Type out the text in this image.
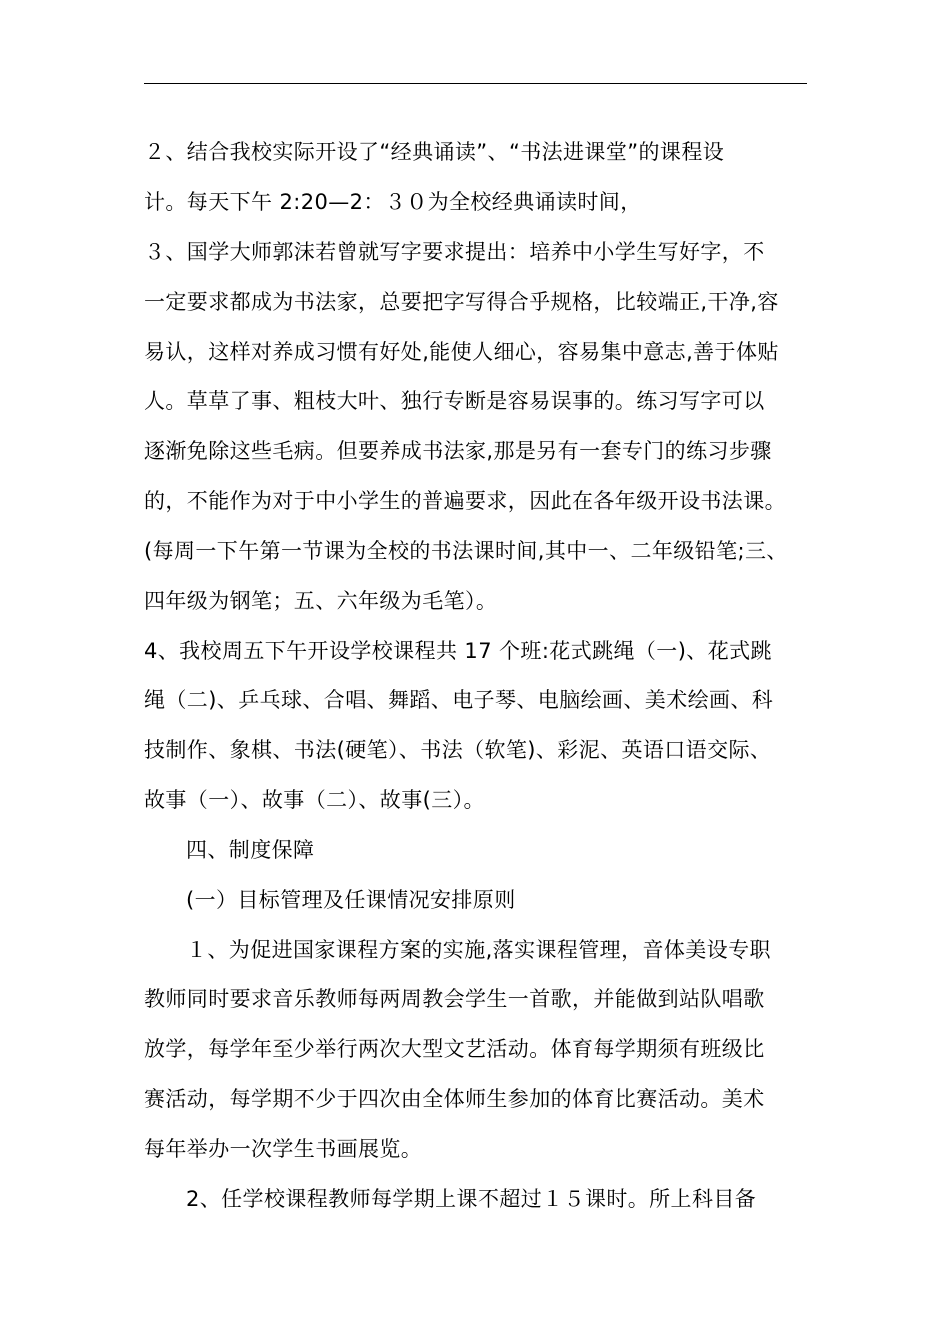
２、结合我校实际开设了“经典诵读”、“书法进课堂”的课程设
计。每天下午 2:20—2：３０为全校经典诵读时间，
３、国学大师郭沫若曾就写字要求提出：培养中小学生写好字，不
一定要求都成为书法家，总要把字写得合乎规格，比较端正,干净,容
易认，这样对养成习惯有好处,能使人细心，容易集中意志,善于体贴
人。草草了事、粗枝大叶、独行专断是容易误事的。练习写字可以
逐渐免除这些毛病。但要养成书法家,那是另有一套专门的练习步骤
的，不能作为对于中小学生的普遍要求，因此在各年级开设书法课。
(每周一下午第一节课为全校的书法课时间,其中一、二年级铅笔;三、
四年级为钢笔；五、六年级为毛笔）。
4、我校周五下午开设学校课程共 17 个班:花式跳绳（一)、花式跳
绳（二)、乒乓球、合唱、舞蹈、电子琴、电脑绘画、美术绘画、科
技制作、象棋、书法(硬笔）、书法（软笔)、彩泥、英语口语交际、
故事（一）、故事（二）、故事(三）。
四、制度保障
(一）目标管理及任课情况安排原则
１、为促进国家课程方案的实施,落实课程管理，音体美设专职
教师同时要求音乐教师每两周教会学生一首歌，并能做到站队唱歌
放学，每学年至少举行两次大型文艺活动。体育每学期须有班级比
赛活动，每学期不少于四次由全体师生参加的体育比赛活动。美术
每年举办一次学生书画展览。
2、任学校课程教师每学期上课不超过１５课时。所上科目备
